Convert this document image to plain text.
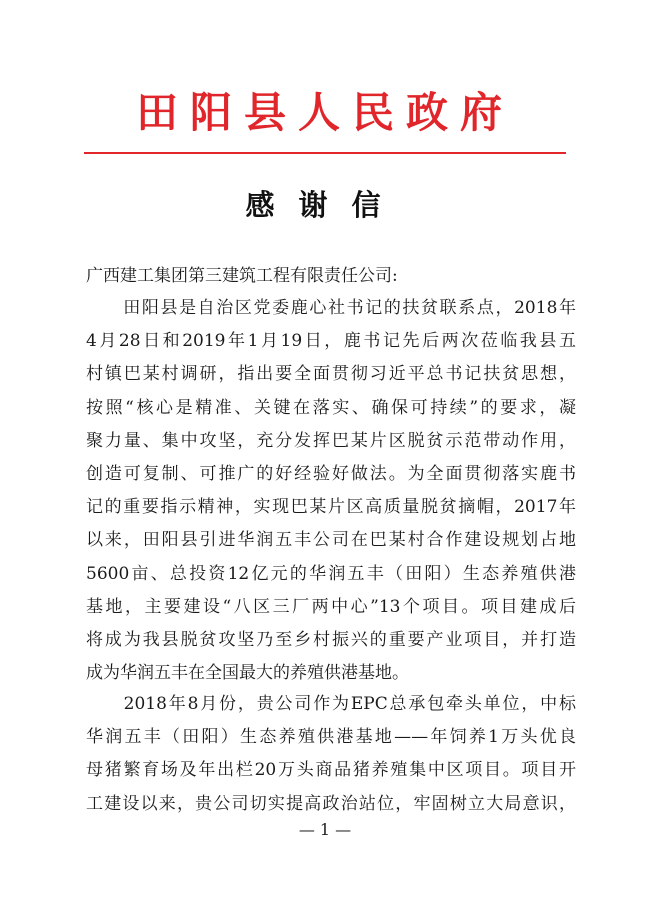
田阳县人民政府
感谢信
广西建工集团第三建筑工程有限责任公司:
　　田阳县是自治区党委鹿心社书记的扶贫联系点，2018年
4月28日和2019年1月19日，鹿书记先后两次莅临我县五
村镇巴某村调研，指出要全面贯彻习近平总书记扶贫思想，
按照“核心是精准、关键在落实、确保可持续”的要求，凝
聚力量、集中攻坚，充分发挥巴某片区脱贫示范带动作用，
创造可复制、可推广的好经验好做法。为全面贯彻落实鹿书
记的重要指示精神，实现巴某片区高质量脱贫摘帽，2017年
以来，田阳县引进华润五丰公司在巴某村合作建设规划占地
5600亩、总投资12亿元的华润五丰（田阳）生态养殖供港
基地，主要建设“八区三厂两中心”13个项目。项目建成后
将成为我县脱贫攻坚乃至乡村振兴的重要产业项目，并打造
成为华润五丰在全国最大的养殖供港基地。
　　2018年8月份，贵公司作为EPC总承包牵头单位，中标
华润五丰（田阳）生态养殖供港基地——年饲养1万头优良
母猪繁育场及年出栏20万头商品猪养殖集中区项目。项目开
工建设以来，贵公司切实提高政治站位，牢固树立大局意识，
— 1 —
